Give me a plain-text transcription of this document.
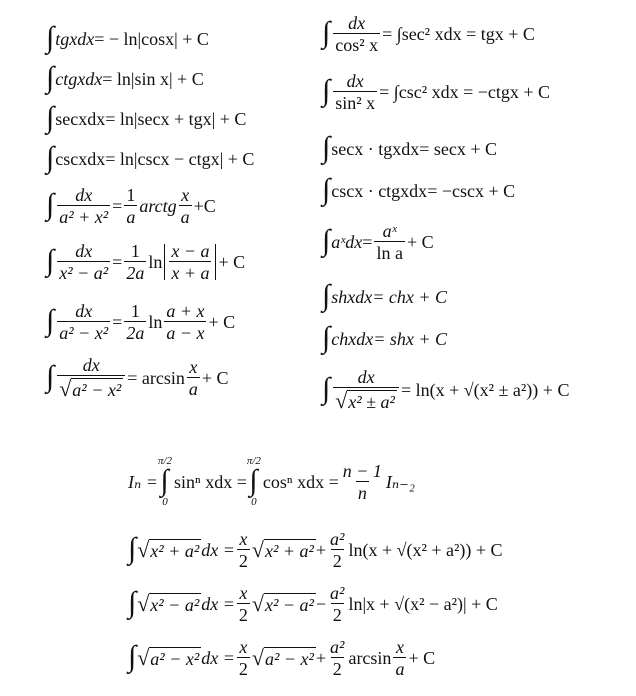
∫ tgxdx = − ln|cosx| + C
∫ ctgxdx = ln|sin x| + C
∫ secxdx = ln|secx + tgx| + C
∫ cscxdx = ln|cscx − ctgx| + C
∫ $\frac{dx}{\text{a² + x²}} = \frac{1}{a}$ arctg $\frac{x}{a} +C$
∫ $\frac{dx}{\text{x² − a²}} = \frac{1}{2a}$ $\ln \frac{x - a}{x + a} + C$
∫ $\frac{dx}{\text{a² − x²}} = \frac{1}{2a}$ $\ln \frac{a + x}{a - x} + C$
∫ $\frac{dx}{\text{√ a² − x²}} = \arcsin \frac{x}{a} + C$
∫ $\frac{dx}{\text{cos² x}} = \int\sec^2$ xdx = tgx + C
∫ $\frac{dx}{\text{sin² x}} = \int\csc^2$ xdx = −ctgx + C
∫ secx · tgxdx = secx + C
∫ cscx · ctgxdx = −cscx + C
∫ aˣdx = $\frac{\text{aˣ}}{\text{ln a}} + C$
∫ shxdx = chx + C
∫ chxdx = shx + C
∫ $\frac{dx}{\text{√ x² ± a²}} = \ln(x + √(x^2 \pm a^2)) + C$
Iₙ =
π/2
∫
0
sinⁿ xdx =
π/2
∫
0
cosⁿ xdx = $\frac{n - 1}{n} I_{n-2}$
∫ √ x² + a² dx = $\frac{x}{2}$ √ $x^2 + a^2 + \frac{\text{a²}}{2} \ln(x + √(x^2 + a^2)) + C$
∫ √ x² − a² dx = $\frac{x}{2}$ √ $x^2 - a^2 - \frac{\text{a²}}{2} \ln|x + √(x^2 - a^2)| + C$
∫ √ a² − x² dx = $\frac{x}{2}$ √ $a^2 - x^2 + \frac{\text{a²}}{2}$ $\arcsin \frac{x}{a} + C$
